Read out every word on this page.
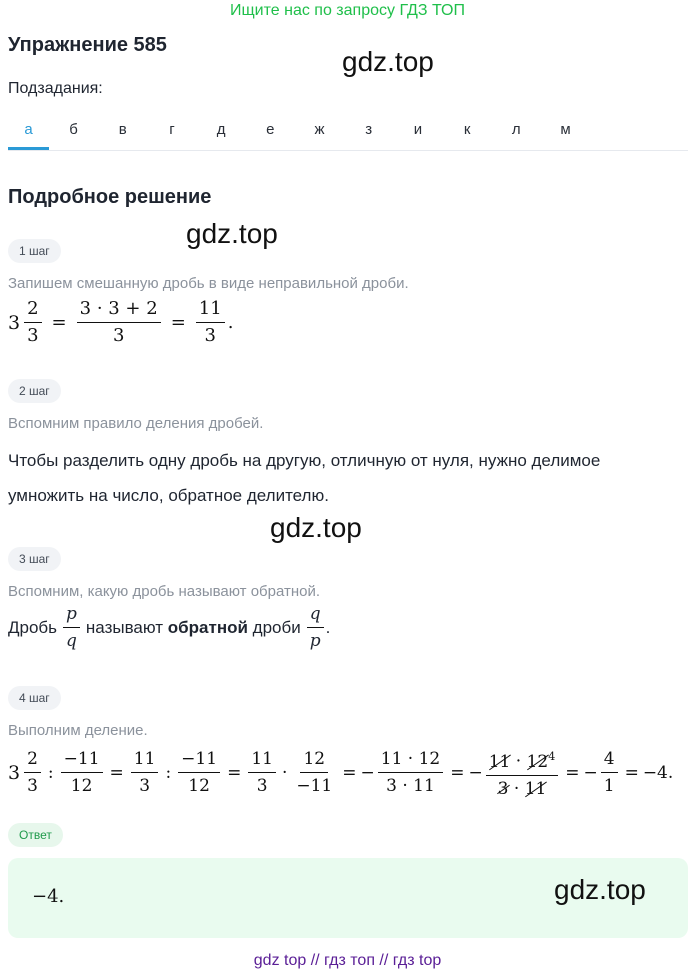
Ищите нас по запросу ГДЗ ТОП
Упражнение 585
gdz.top
Подзадания:
а	б	в	г	д	е	ж	з	и	к	л	м
Подробное решение
gdz.top
1 шаг
Запишем смешанную дробь в виде неправильной дроби.
$3 \frac{2}{3} = \frac{3 \cdot 3 + 2}{3} = \frac{11}{3}$ .
2 шаг
Вспомним правило деления дробей.
Чтобы разделить одну дробь на другую, отличную от нуля, нужно делимое
умножить на число, обратное делителю.
gdz.top
3 шаг
Вспомним, какую дробь называют обратной.
Дробь $\frac{p}{q}$ называют
обратной
дроби $\frac{q}{p}$ .
4 шаг
Выполним деление.
$3 \frac{2}{3}$ : $\frac{-11}{12} = \frac{11}{3}$ : $\frac{-11}{12} = \frac{11}{3} \cdot \frac{12}{-11}$ = − $\frac{11 \cdot 12}{3 \cdot 11}$ = − $\frac{11 \cdot 12^4}{3 \cdot 11}$ = − $\frac{4}{1} = -4$.
Ответ
−4.	gdz.top
gdz top // гдз топ // гдз top
